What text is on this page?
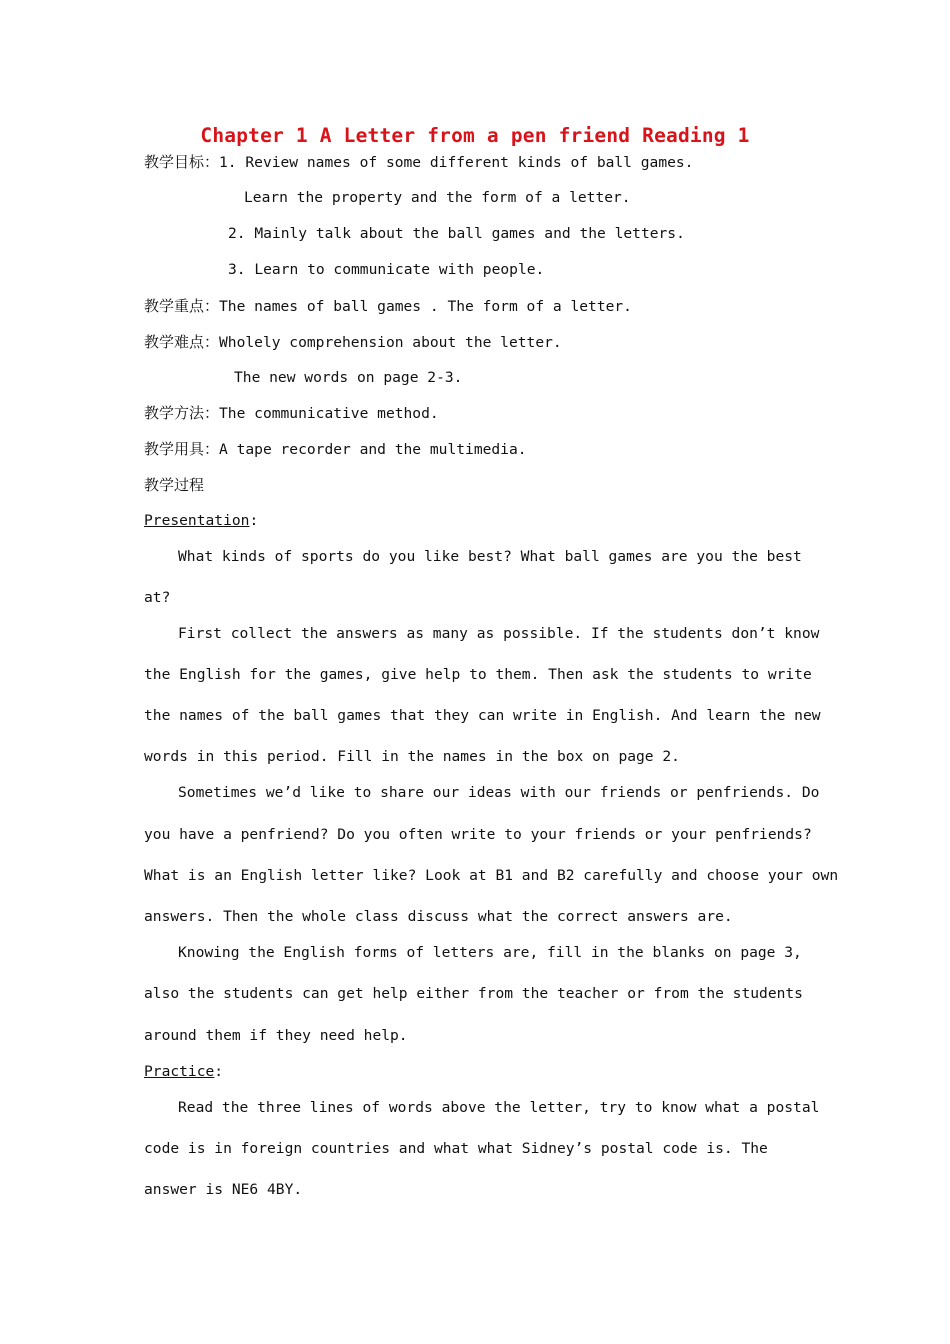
Chapter 1 A Letter from a pen friend Reading 1
教学目标：1. Review names of some different kinds of ball games.
Learn the property and the form of a letter.
2. Mainly talk about the ball games and the letters.
3. Learn to communicate with people.
教学重点：The names of ball games . The form of a letter.
教学难点：Wholely comprehension about the letter.
The new words on page 2-3.
教学方法：The communicative method.
教学用具：A tape recorder and the multimedia.
教学过程
Presentation:
What kinds of sports do you like best? What ball games are you the best
at?
First collect the answers as many as possible. If the students don’t know
the English for the games, give help to them. Then ask the students to write
the names of the ball games that they can write in English. And learn the new
words in this period. Fill in the names in the box on page 2.
Sometimes we’d like to share our ideas with our friends or penfriends. Do
you have a penfriend? Do you often write to your friends or your penfriends?
What is an English letter like? Look at B1 and B2 carefully and choose your own
answers. Then the whole class discuss what the correct answers are.
Knowing the English forms of letters are, fill in the blanks on page 3,
also the students can get help either from the teacher or from the students
around them if they need help.
Practice:
Read the three lines of words above the letter, try to know what a postal
code is in foreign countries and what what Sidney’s postal code is. The
answer is NE6 4BY.
